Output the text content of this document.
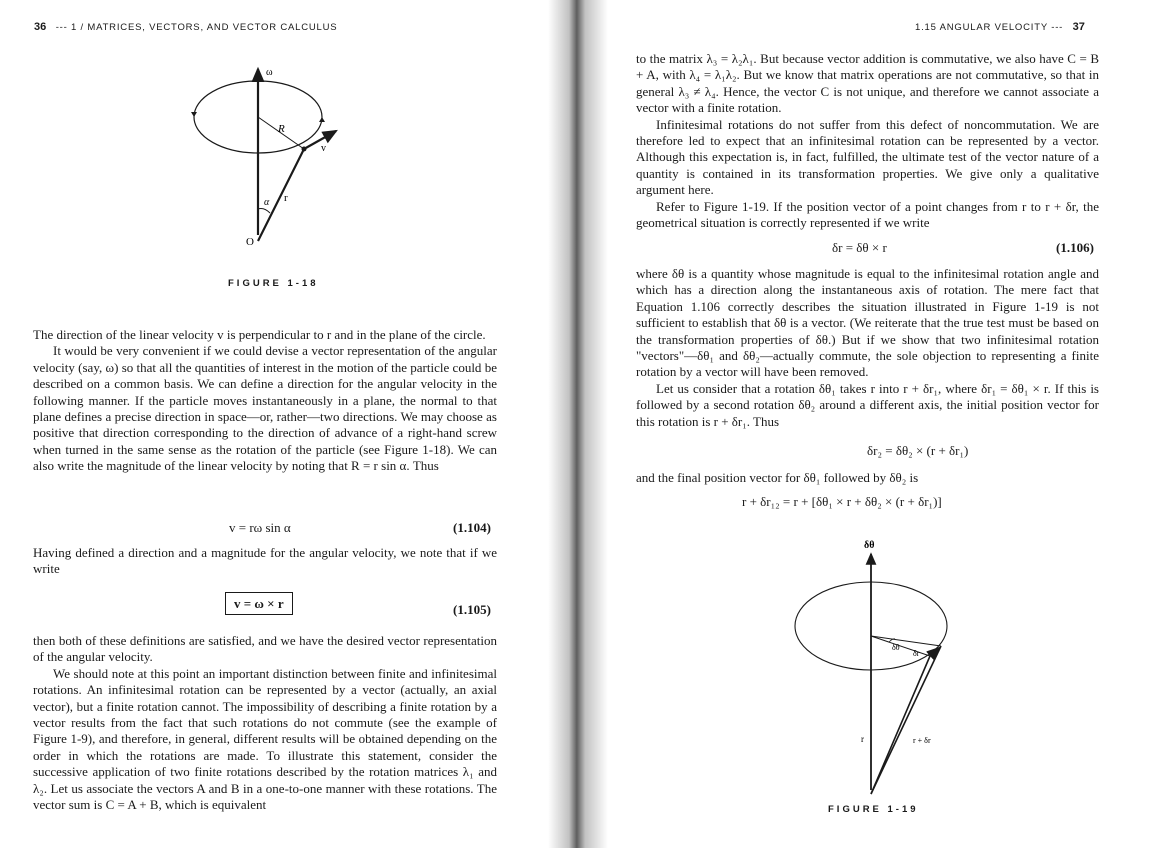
36 --- 1 / MATRICES, VECTORS, AND VECTOR CALCULUS
ω
R
v
α r
O
FIGURE 1-18

The direction of the linear velocity v is perpendicular to r and in the plane of the circle.

It would be very convenient if we could devise a vector representation of the angular velocity (say, ω) so that all the quantities of interest in the motion of the particle could be described on a common basis. We can define a direction for the angular velocity in the following manner. If the particle moves instantaneously in a plane, the normal to that plane defines a precise direction in space—or, rather—two directions. We may choose as positive that direction corresponding to the direction of advance of a right-hand screw when turned in the same sense as the rotation of the particle (see Figure 1-18). We can also write the magnitude of the linear velocity by noting that R = r sin α. Thus

v = rω sin α	(1.104)

Having defined a direction and a magnitude for the angular velocity, we note that if we write

v = ω × r	(1.105)

then both of these definitions are satisfied, and we have the desired vector representation of the angular velocity.

We should note at this point an important distinction between finite and infinitesimal rotations. An infinitesimal rotation can be represented by a vector (actually, an axial vector), but a finite rotation cannot. The impossibility of describing a finite rotation by a vector results from the fact that such rotations do not commute (see the example of Figure 1-9), and therefore, in general, different results will be obtained depending on the order in which the rotations are made. To illustrate this statement, consider the successive application of two finite rotations described by the rotation matrices λ₁ and λ₂. Let us associate the vectors A and B in a one-to-one manner with these rotations. The vector sum is C = A + B, which is equivalent

1.15 ANGULAR VELOCITY --- 37

to the matrix λ₃ = λ₂λ₁. But because vector addition is commutative, we also have C = B + A, with λ₄ = λ₁λ₂. But we know that matrix operations are not commutative, so that in general λ₃ ≠ λ₄. Hence, the vector C is not unique, and therefore we cannot associate a vector with a finite rotation.

Infinitesimal rotations do not suffer from this defect of noncommutation. We are therefore led to expect that an infinitesimal rotation can be represented by a vector. Although this expectation is, in fact, fulfilled, the ultimate test of the vector nature of a quantity is contained in its transformation properties. We give only a qualitative argument here.

Refer to Figure 1-19. If the position vector of a point changes from r to r + δr, the geometrical situation is correctly represented if we write

δr = δθ × r	(1.106)

where δθ is a quantity whose magnitude is equal to the infinitesimal rotation angle and which has a direction along the instantaneous axis of rotation. The mere fact that Equation 1.106 correctly describes the situation illustrated in Figure 1-19 is not sufficient to establish that δθ is a vector. (We reiterate that the true test must be based on the transformation properties of δθ.) But if we show that two infinitesimal rotation "vectors"—δθ₁ and δθ₂—actually commute, the sole objection to representing a finite rotation by a vector will have been removed.

Let us consider that a rotation δθ₁ takes r into r + δr₁, where δr₁ = δθ₁ × r. If this is followed by a second rotation δθ₂ around a different axis, the initial position vector for this rotation is r + δr₁. Thus

δr₂ = δθ₂ × (r + δr₁)

and the final position vector for δθ₁ followed by δθ₂ is

r + δr₁₂ = r + [δθ₁ × r + δθ₂ × (r + δr₁)]
δθ
δθ
δr
r	r + δr
FIGURE 1-19
